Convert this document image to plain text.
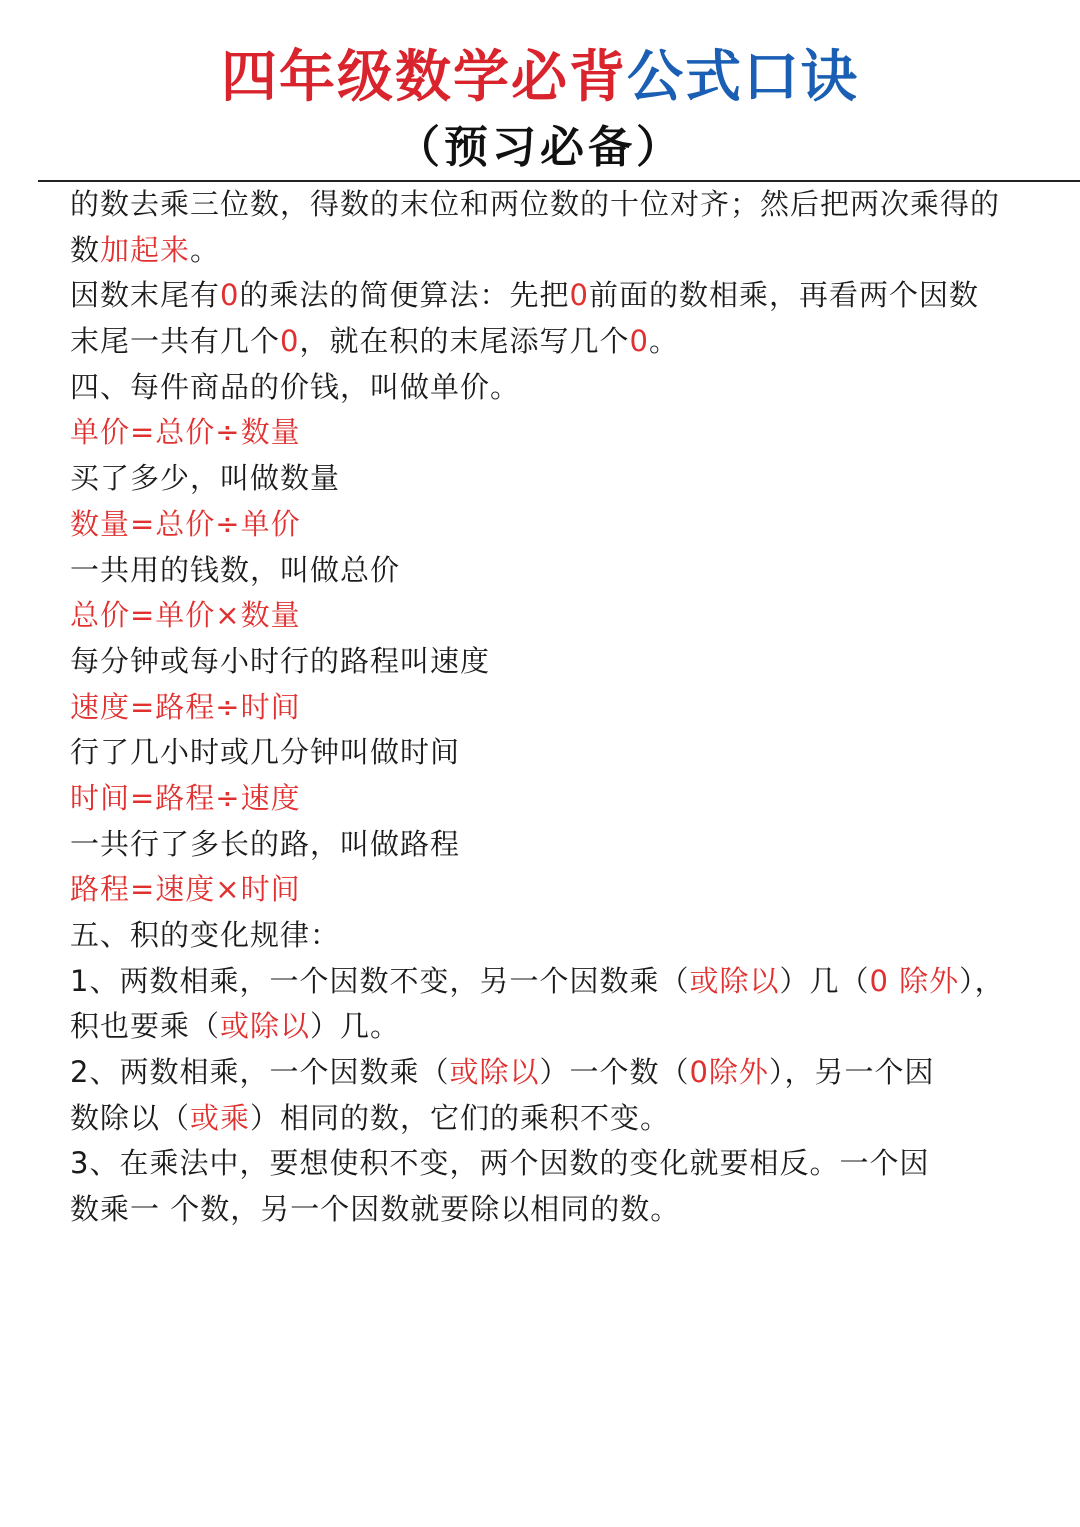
四年级数学必背公式口诀
（预习必备）
的数去乘三位数，得数的末位和两位数的十位对齐；然后把两次乘得的
数加起来。
因数末尾有0的乘法的简便算法：先把0前面的数相乘，再看两个因数
末尾一共有几个0，就在积的末尾添写几个0。
四、每件商品的价钱，叫做单价。
单价=总价÷数量
买了多少，叫做数量
数量=总价÷单价
一共用的钱数，叫做总价
总价=单价×数量
每分钟或每小时行的路程叫速度
速度=路程÷时间
行了几小时或几分钟叫做时间
时间=路程÷速度
一共行了多长的路，叫做路程
路程=速度×时间
五、积的变化规律：
1、两数相乘，一个因数不变，另一个因数乘（或除以）几（0 除外），
积也要乘（或除以）几。
2、两数相乘，一个因数乘（或除以）一个数（0除外），另一个因
数除以（或乘）相同的数，它们的乘积不变。
3、在乘法中，要想使积不变，两个因数的变化就要相反。一个因
数乘一 个数，另一个因数就要除以相同的数。
